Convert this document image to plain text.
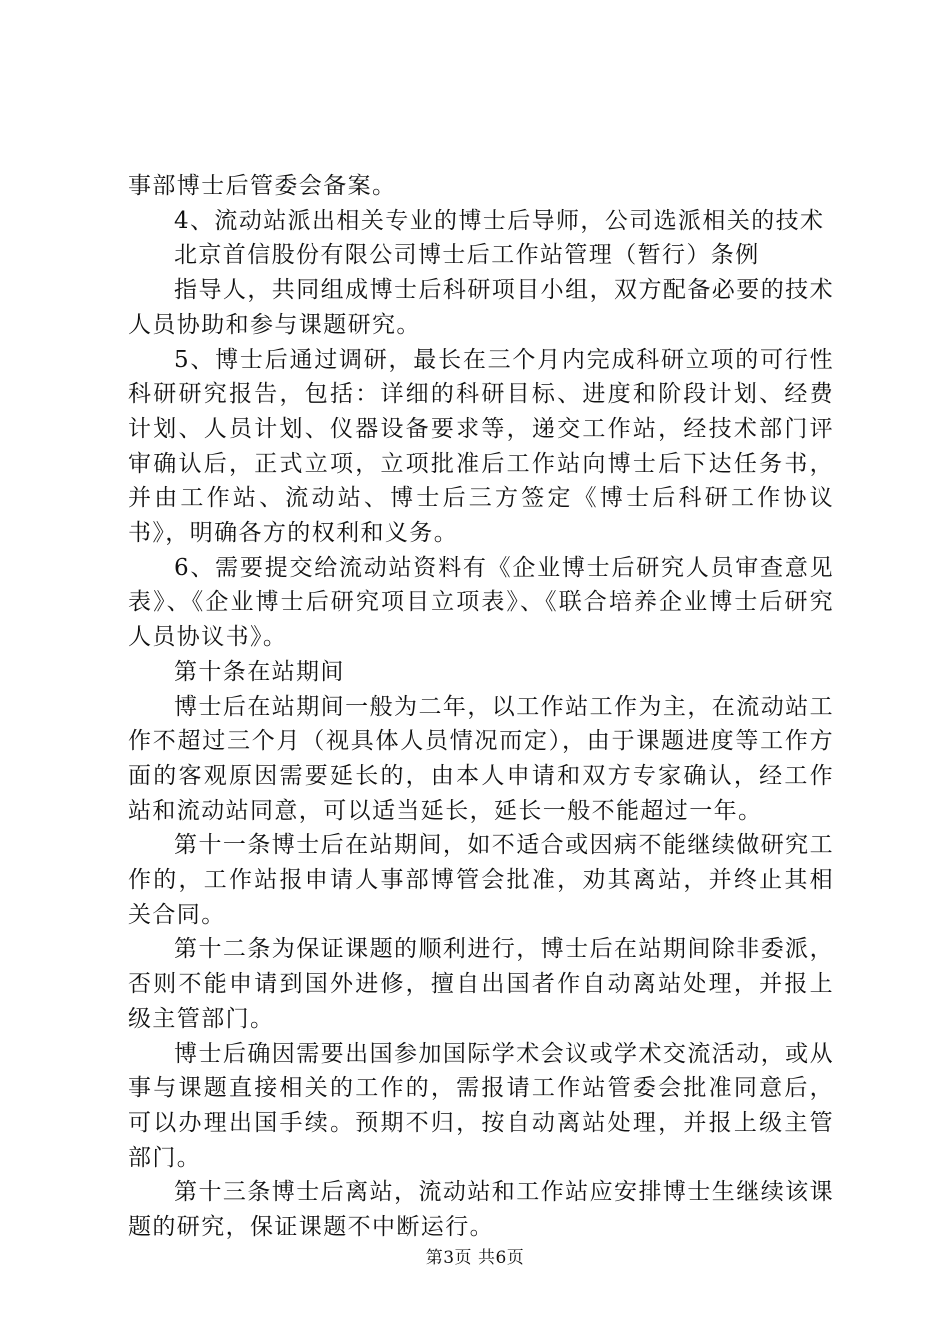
事部博士后管委会备案。

4、流动站派出相关专业的博士后导师，公司选派相关的技术

北京首信股份有限公司博士后工作站管理（暂行）条例

指导人，共同组成博士后科研项目小组，双方配备必要的技术人员协助和参与课题研究。

5、博士后通过调研，最长在三个月内完成科研立项的可行性科研研究报告，包括：详细的科研目标、进度和阶段计划、经费计划、人员计划、仪器设备要求等，递交工作站，经技术部门评审确认后，正式立项，立项批准后工作站向博士后下达任务书，并由工作站、流动站、博士后三方签定《博士后科研工作协议书》，明确各方的权利和义务。

6、需要提交给流动站资料有《企业博士后研究人员审查意见表》、《企业博士后研究项目立项表》、《联合培养企业博士后研究人员协议书》。

第十条在站期间

博士后在站期间一般为二年，以工作站工作为主，在流动站工作不超过三个月（视具体人员情况而定），由于课题进度等工作方面的客观原因需要延长的，由本人申请和双方专家确认，经工作站和流动站同意，可以适当延长，延长一般不能超过一年。

第十一条博士后在站期间，如不适合或因病不能继续做研究工作的，工作站报申请人事部博管会批准，劝其离站，并终止其相关合同。

第十二条为保证课题的顺利进行，博士后在站期间除非委派，否则不能申请到国外进修，擅自出国者作自动离站处理，并报上级主管部门。

博士后确因需要出国参加国际学术会议或学术交流活动，或从事与课题直接相关的工作的，需报请工作站管委会批准同意后，可以办理出国手续。预期不归，按自动离站处理，并报上级主管部门。

第十三条博士后离站，流动站和工作站应安排博士生继续该课题的研究，保证课题不中断运行。

第3页 共6页
